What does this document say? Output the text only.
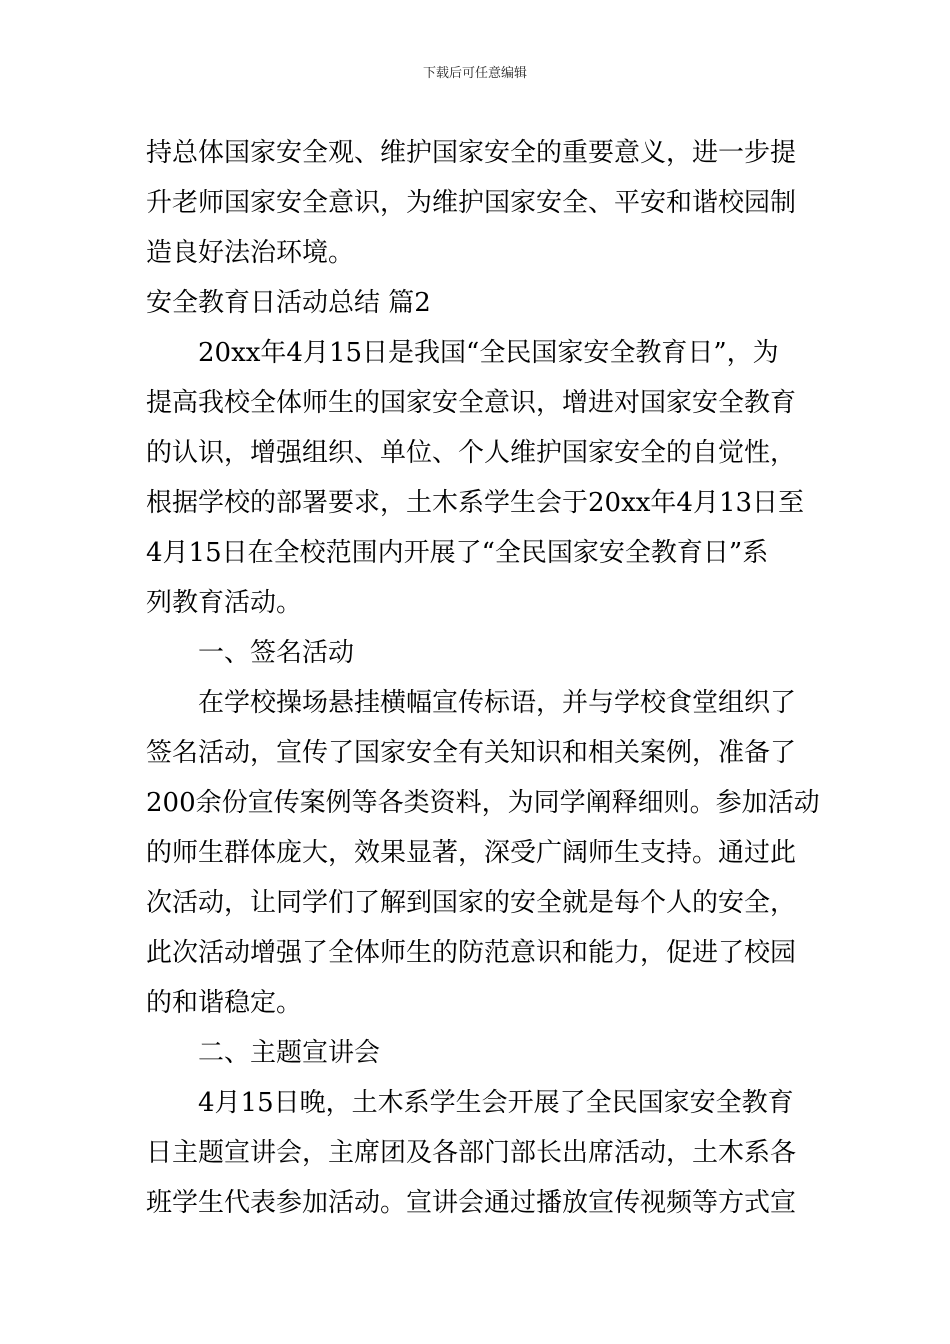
下载后可任意编辑
持总体国家安全观、维护国家安全的重要意义，进一步提
升老师国家安全意识，为维护国家安全、平安和谐校园制
造良好法治环境。
安全教育日活动总结 篇2
20xx年4月15日是我国“全民国家安全教育日”，为
提高我校全体师生的国家安全意识，增进对国家安全教育
的认识，增强组织、单位、个人维护国家安全的自觉性，
根据学校的部署要求，土木系学生会于20xx年4月13日至
4月15日在全校范围内开展了“全民国家安全教育日”系
列教育活动。
一、签名活动
在学校操场悬挂横幅宣传标语，并与学校食堂组织了
签名活动，宣传了国家安全有关知识和相关案例，准备了
200余份宣传案例等各类资料，为同学阐释细则。参加活动
的师生群体庞大，效果显著，深受广阔师生支持。通过此
次活动，让同学们了解到国家的安全就是每个人的安全，
此次活动增强了全体师生的防范意识和能力，促进了校园
的和谐稳定。
二、主题宣讲会
4月15日晚，土木系学生会开展了全民国家安全教育
日主题宣讲会，主席团及各部门部长出席活动，土木系各
班学生代表参加活动。宣讲会通过播放宣传视频等方式宣
